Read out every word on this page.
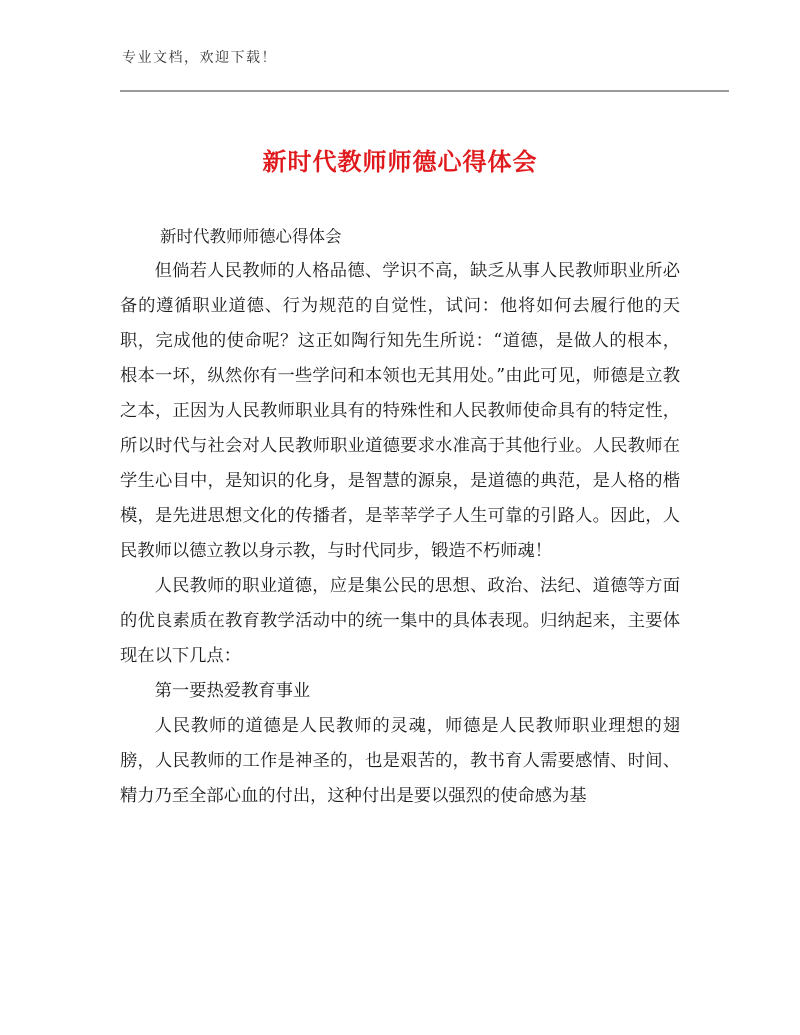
专业文档，欢迎下载！
新时代教师师德心得体会

新时代教师师德心得体会

但倘若人民教师的人格品德、学识不高，缺乏从事人民教师职业所必备的遵循职业道德、行为规范的自觉性，试问：他将如何去履行他的天职，完成他的使命呢？这正如陶行知先生所说：“道德，是做人的根本，根本一坏，纵然你有一些学问和本领也无其用处。”由此可见，师德是立教之本，正因为人民教师职业具有的特殊性和人民教师使命具有的特定性，所以时代与社会对人民教师职业道德要求水准高于其他行业。人民教师在学生心目中，是知识的化身，是智慧的源泉，是道德的典范，是人格的楷模，是先进思想文化的传播者，是莘莘学子人生可靠的引路人。因此，人民教师以德立教以身示教，与时代同步，锻造不朽师魂！

人民教师的职业道德，应是集公民的思想、政治、法纪、道德等方面的优良素质在教育教学活动中的统一集中的具体表现。归纳起来，主要体现在以下几点：

第一要热爱教育事业

人民教师的道德是人民教师的灵魂，师德是人民教师职业理想的翅膀，人民教师的工作是神圣的，也是艰苦的，教书育人需要感情、时间、精力乃至全部心血的付出，这种付出是要以强烈的使命感为基
